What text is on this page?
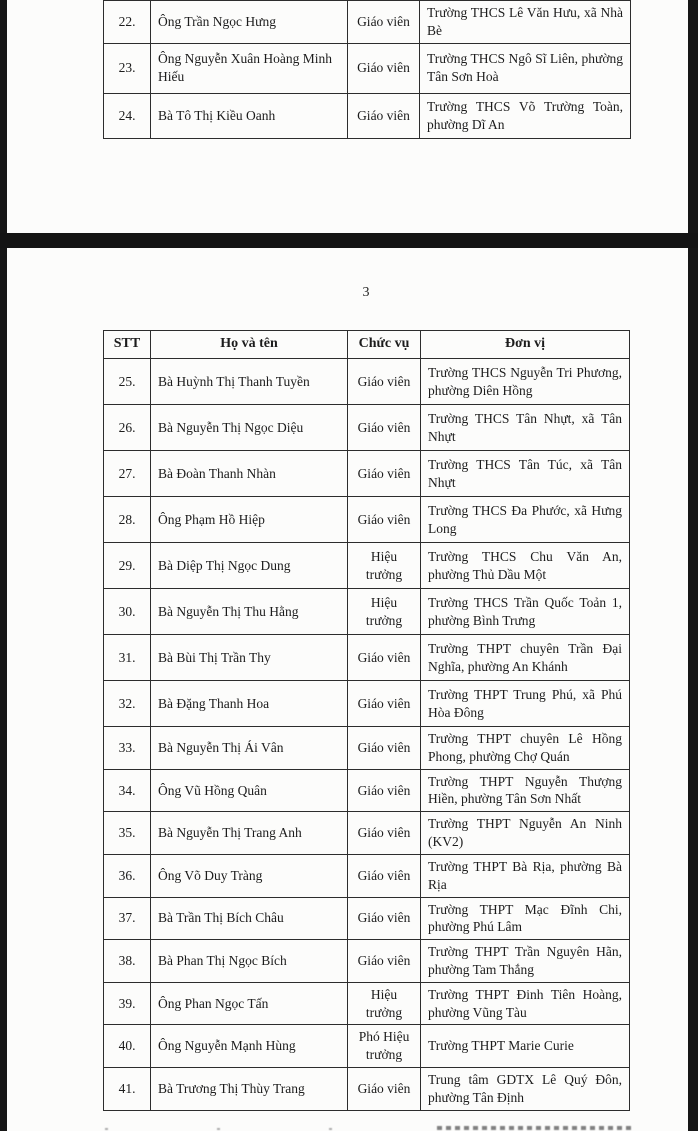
22.	Ông Trần Ngọc Hưng	Giáo viên	Trường THCS Lê Văn Hưu, xã Nhà Bè
23.	Ông Nguyễn Xuân Hoàng Minh Hiếu	Giáo viên	Trường THCS Ngô Sĩ Liên, phường Tân Sơn Hoà
24.	Bà Tô Thị Kiều Oanh	Giáo viên	Trường THCS Võ Trường Toàn, phường Dĩ An
3
STT	Họ và tên	Chức vụ	Đơn vị
25.	Bà Huỳnh Thị Thanh Tuyền	Giáo viên	Trường THCS Nguyễn Tri Phương, phường Diên Hồng
26.	Bà Nguyễn Thị Ngọc Diệu	Giáo viên	Trường THCS Tân Nhựt, xã Tân Nhựt
27.	Bà Đoàn Thanh Nhàn	Giáo viên	Trường THCS Tân Túc, xã Tân Nhựt
28.	Ông Phạm Hồ Hiệp	Giáo viên	Trường THCS Đa Phước, xã Hưng Long
29.	Bà Diệp Thị Ngọc Dung	Hiệu trưởng	Trường THCS Chu Văn An, phường Thủ Dầu Một
30.	Bà Nguyễn Thị Thu Hằng	Hiệu trưởng	Trường THCS Trần Quốc Toản 1, phường Bình Trưng
31.	Bà Bùi Thị Trần Thy	Giáo viên	Trường THPT chuyên Trần Đại Nghĩa, phường An Khánh
32.	Bà Đặng Thanh Hoa	Giáo viên	Trường THPT Trung Phú, xã Phú Hòa Đông
33.	Bà Nguyễn Thị Ái Vân	Giáo viên	Trường THPT chuyên Lê Hồng Phong, phường Chợ Quán
34.	Ông Vũ Hồng Quân	Giáo viên	Trường THPT Nguyễn Thượng Hiền, phường Tân Sơn Nhất
35.	Bà Nguyễn Thị Trang Anh	Giáo viên	Trường THPT Nguyễn An Ninh (KV2)
36.	Ông Võ Duy Tràng	Giáo viên	Trường THPT Bà Rịa, phường Bà Rịa
37.	Bà Trần Thị Bích Châu	Giáo viên	Trường THPT Mạc Đĩnh Chi, phường Phú Lâm
38.	Bà Phan Thị Ngọc Bích	Giáo viên	Trường THPT Trần Nguyên Hãn, phường Tam Thắng
39.	Ông Phan Ngọc Tấn	Hiệu trưởng	Trường THPT Đinh Tiên Hoàng, phường Vũng Tàu
40.	Ông Nguyễn Mạnh Hùng	Phó Hiệu trưởng	Trường THPT Marie Curie
41.	Bà Trương Thị Thùy Trang	Giáo viên	Trung tâm GDTX Lê Quý Đôn, phường Tân Định
